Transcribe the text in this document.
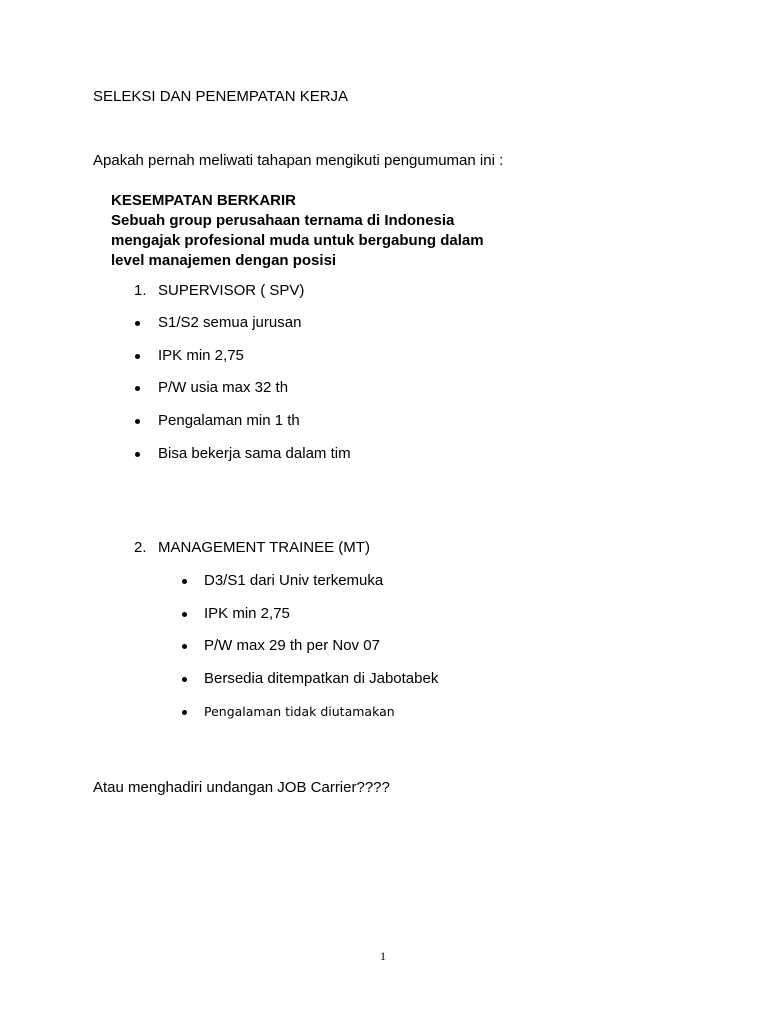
SELEKSI DAN PENEMPATAN KERJA
Apakah pernah meliwati tahapan mengikuti pengumuman ini :
KESEMPATAN BERKARIR
Sebuah group perusahaan ternama di Indonesia
mengajak profesional muda untuk bergabung dalam
level manajemen dengan posisi
1. SUPERVISOR ( SPV)
S1/S2 semua jurusan
IPK min 2,75
P/W usia max 32 th
Pengalaman min 1 th
Bisa bekerja sama dalam tim
2. MANAGEMENT TRAINEE (MT)
D3/S1 dari Univ terkemuka
IPK min 2,75
P/W max 29 th per Nov 07
Bersedia ditempatkan di Jabotabek
Pengalaman tidak diutamakan
Atau menghadiri undangan JOB Carrier????
1
